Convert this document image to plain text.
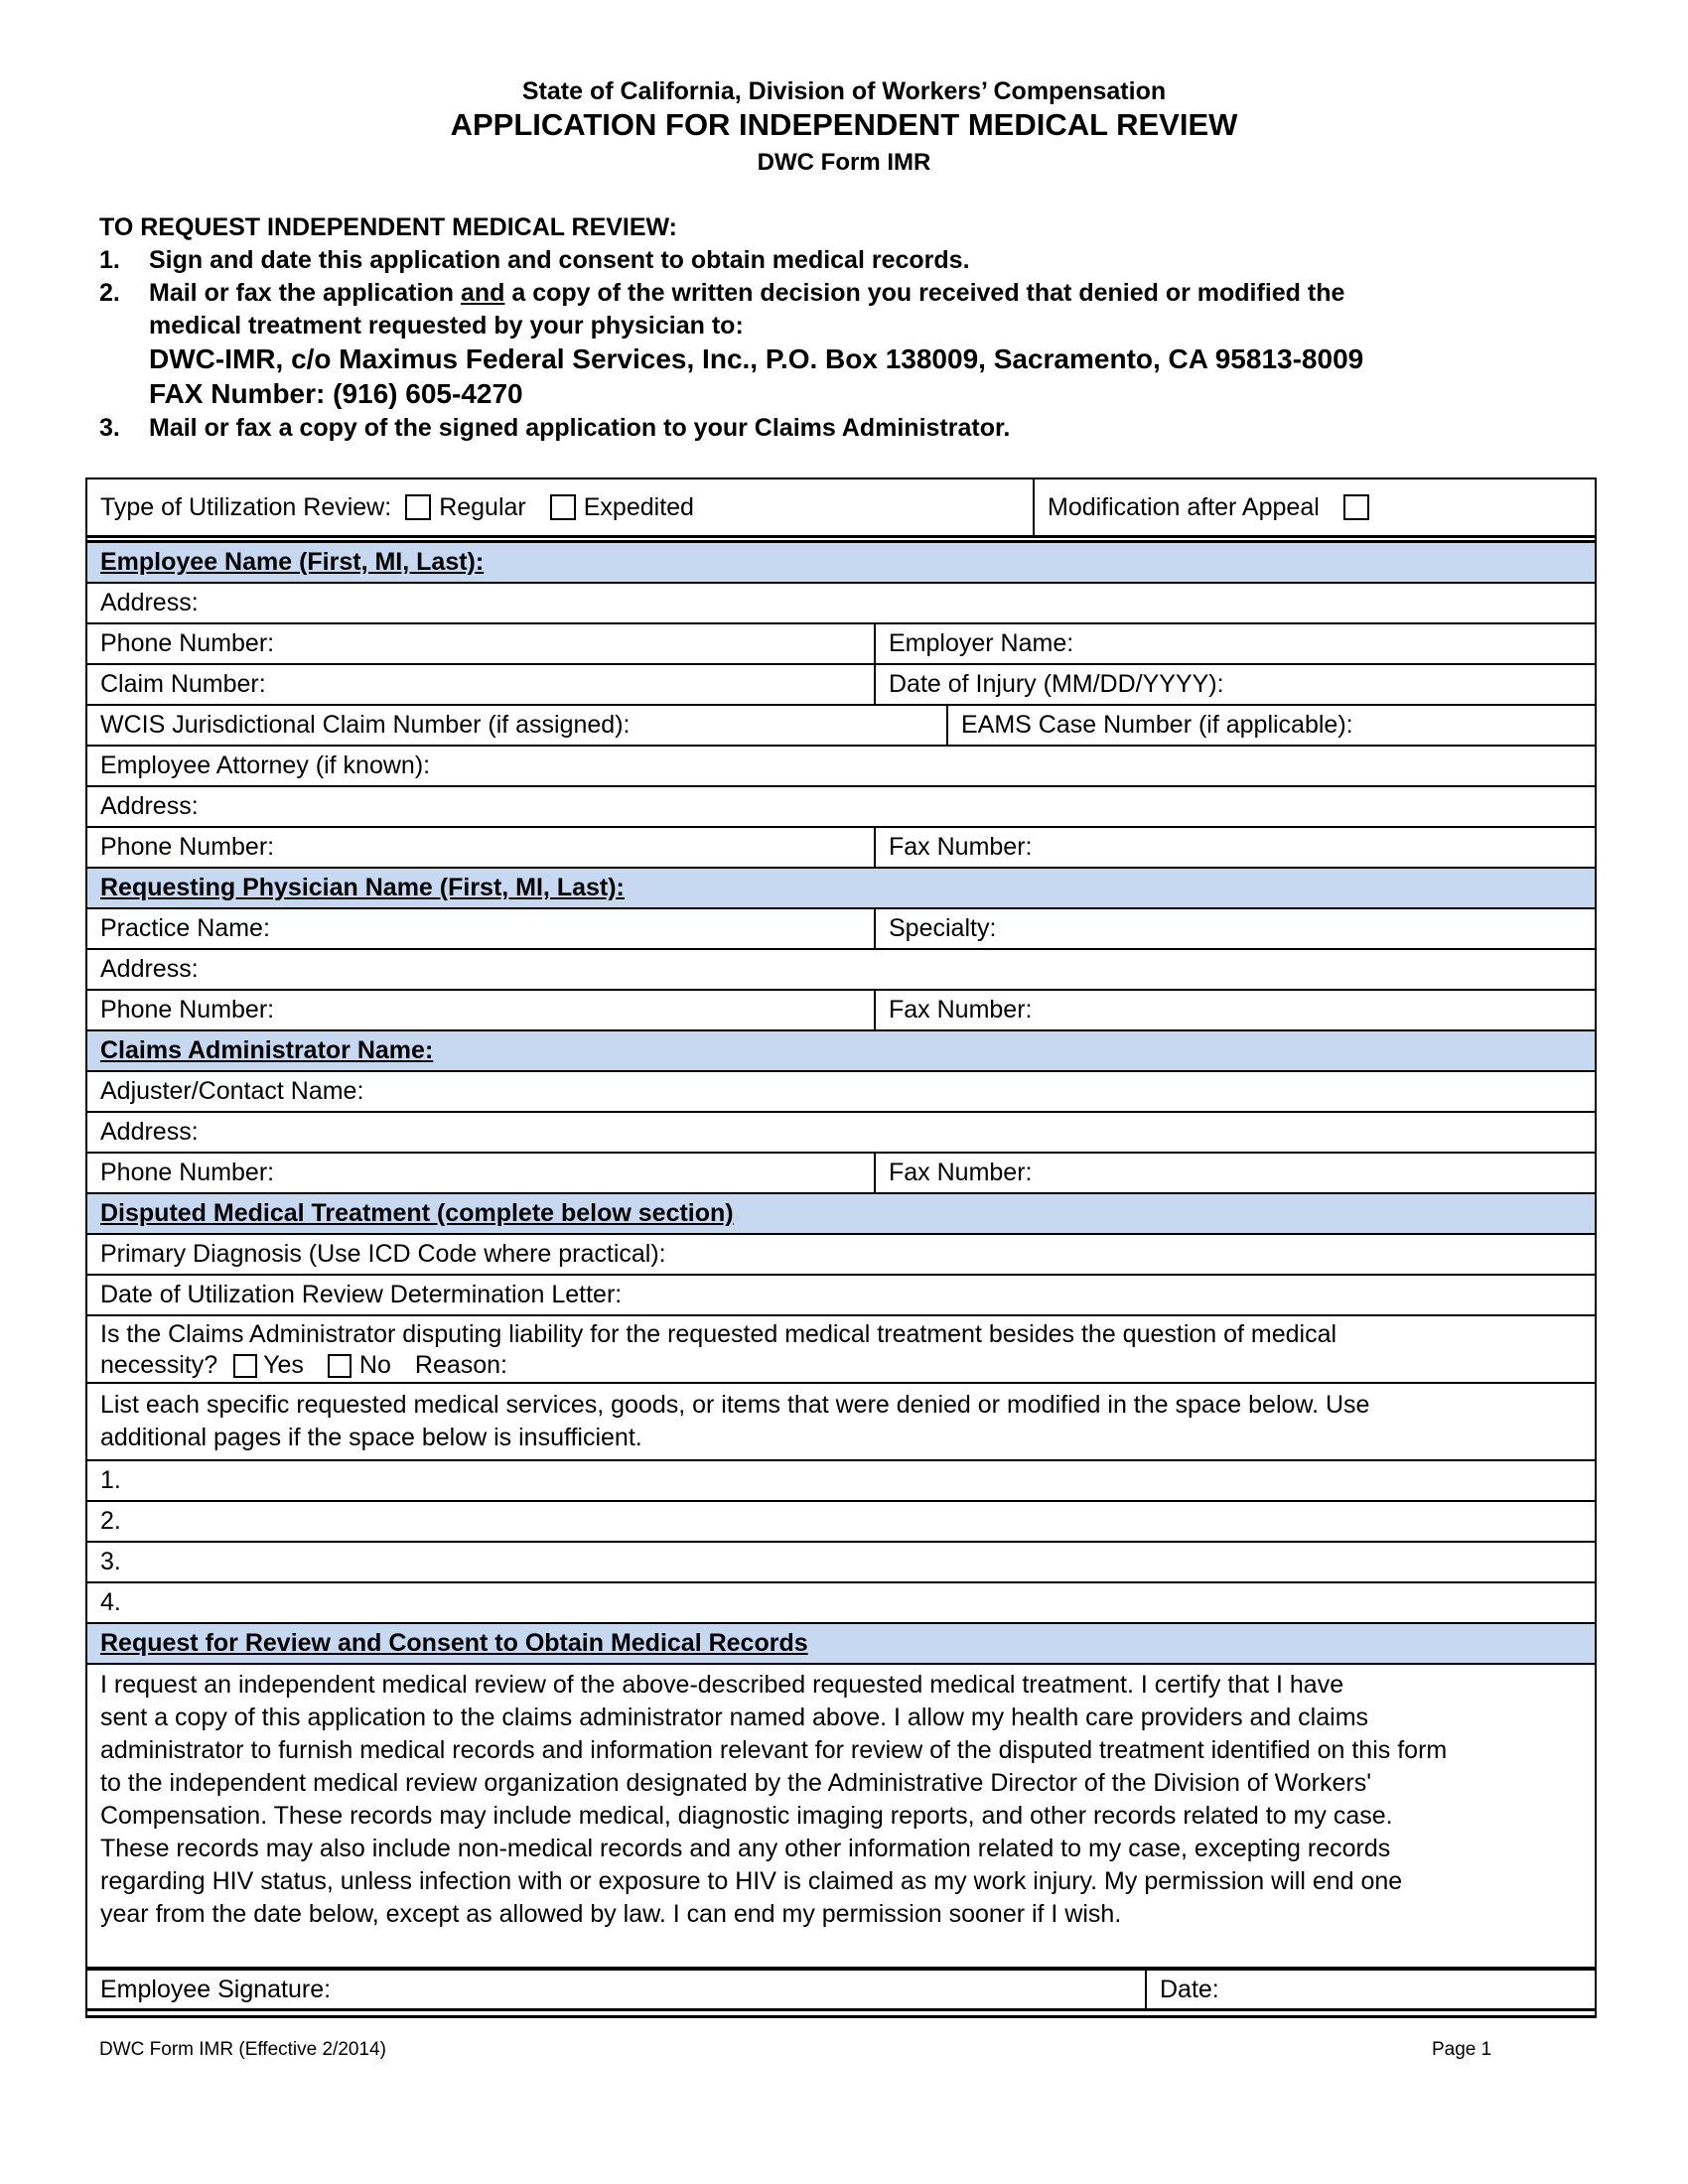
State of California, Division of Workers’ Compensation
APPLICATION FOR INDEPENDENT MEDICAL REVIEW
DWC Form IMR
TO REQUEST INDEPENDENT MEDICAL REVIEW:
1. Sign and date this application and consent to obtain medical records.
2. Mail or fax the application and a copy of the written decision you received that denied or modified the
medical treatment requested by your physician to:
DWC-IMR, c/o Maximus Federal Services, Inc., P.O. Box 138009, Sacramento, CA 95813-8009
FAX Number: (916) 605-4270
3. Mail or fax a copy of the signed application to your Claims Administrator.
Type of Utilization Review: Regular Expedited	Modification after Appeal
Employee Name (First, MI, Last):
Address:
Phone Number:	Employer Name:
Claim Number:	Date of Injury (MM/DD/YYYY):
WCIS Jurisdictional Claim Number (if assigned):	EAMS Case Number (if applicable):
Employee Attorney (if known):
Address:
Phone Number:	Fax Number:
Requesting Physician Name (First, MI, Last):
Practice Name:	Specialty:
Address:
Phone Number:	Fax Number:
Claims Administrator Name:
Adjuster/Contact Name:
Address:
Phone Number:	Fax Number:
Disputed Medical Treatment (complete below section)
Primary Diagnosis (Use ICD Code where practical):
Date of Utilization Review Determination Letter:
Is the Claims Administrator disputing liability for the requested medical treatment besides the question of medical
necessity? Yes No Reason:
List each specific requested medical services, goods, or items that were denied or modified in the space below. Use
additional pages if the space below is insufficient.
1.
2.
3.
4.
Request for Review and Consent to Obtain Medical Records
I request an independent medical review of the above-described requested medical treatment. I certify that I have
sent a copy of this application to the claims administrator named above. I allow my health care providers and claims
administrator to furnish medical records and information relevant for review of the disputed treatment identified on this form
to the independent medical review organization designated by the Administrative Director of the Division of Workers'
Compensation. These records may include medical, diagnostic imaging reports, and other records related to my case.
These records may also include non-medical records and any other information related to my case, excepting records
regarding HIV status, unless infection with or exposure to HIV is claimed as my work injury. My permission will end one
year from the date below, except as allowed by law. I can end my permission sooner if I wish.
Employee Signature:	Date:
DWC Form IMR (Effective 2/2014)	Page 1
